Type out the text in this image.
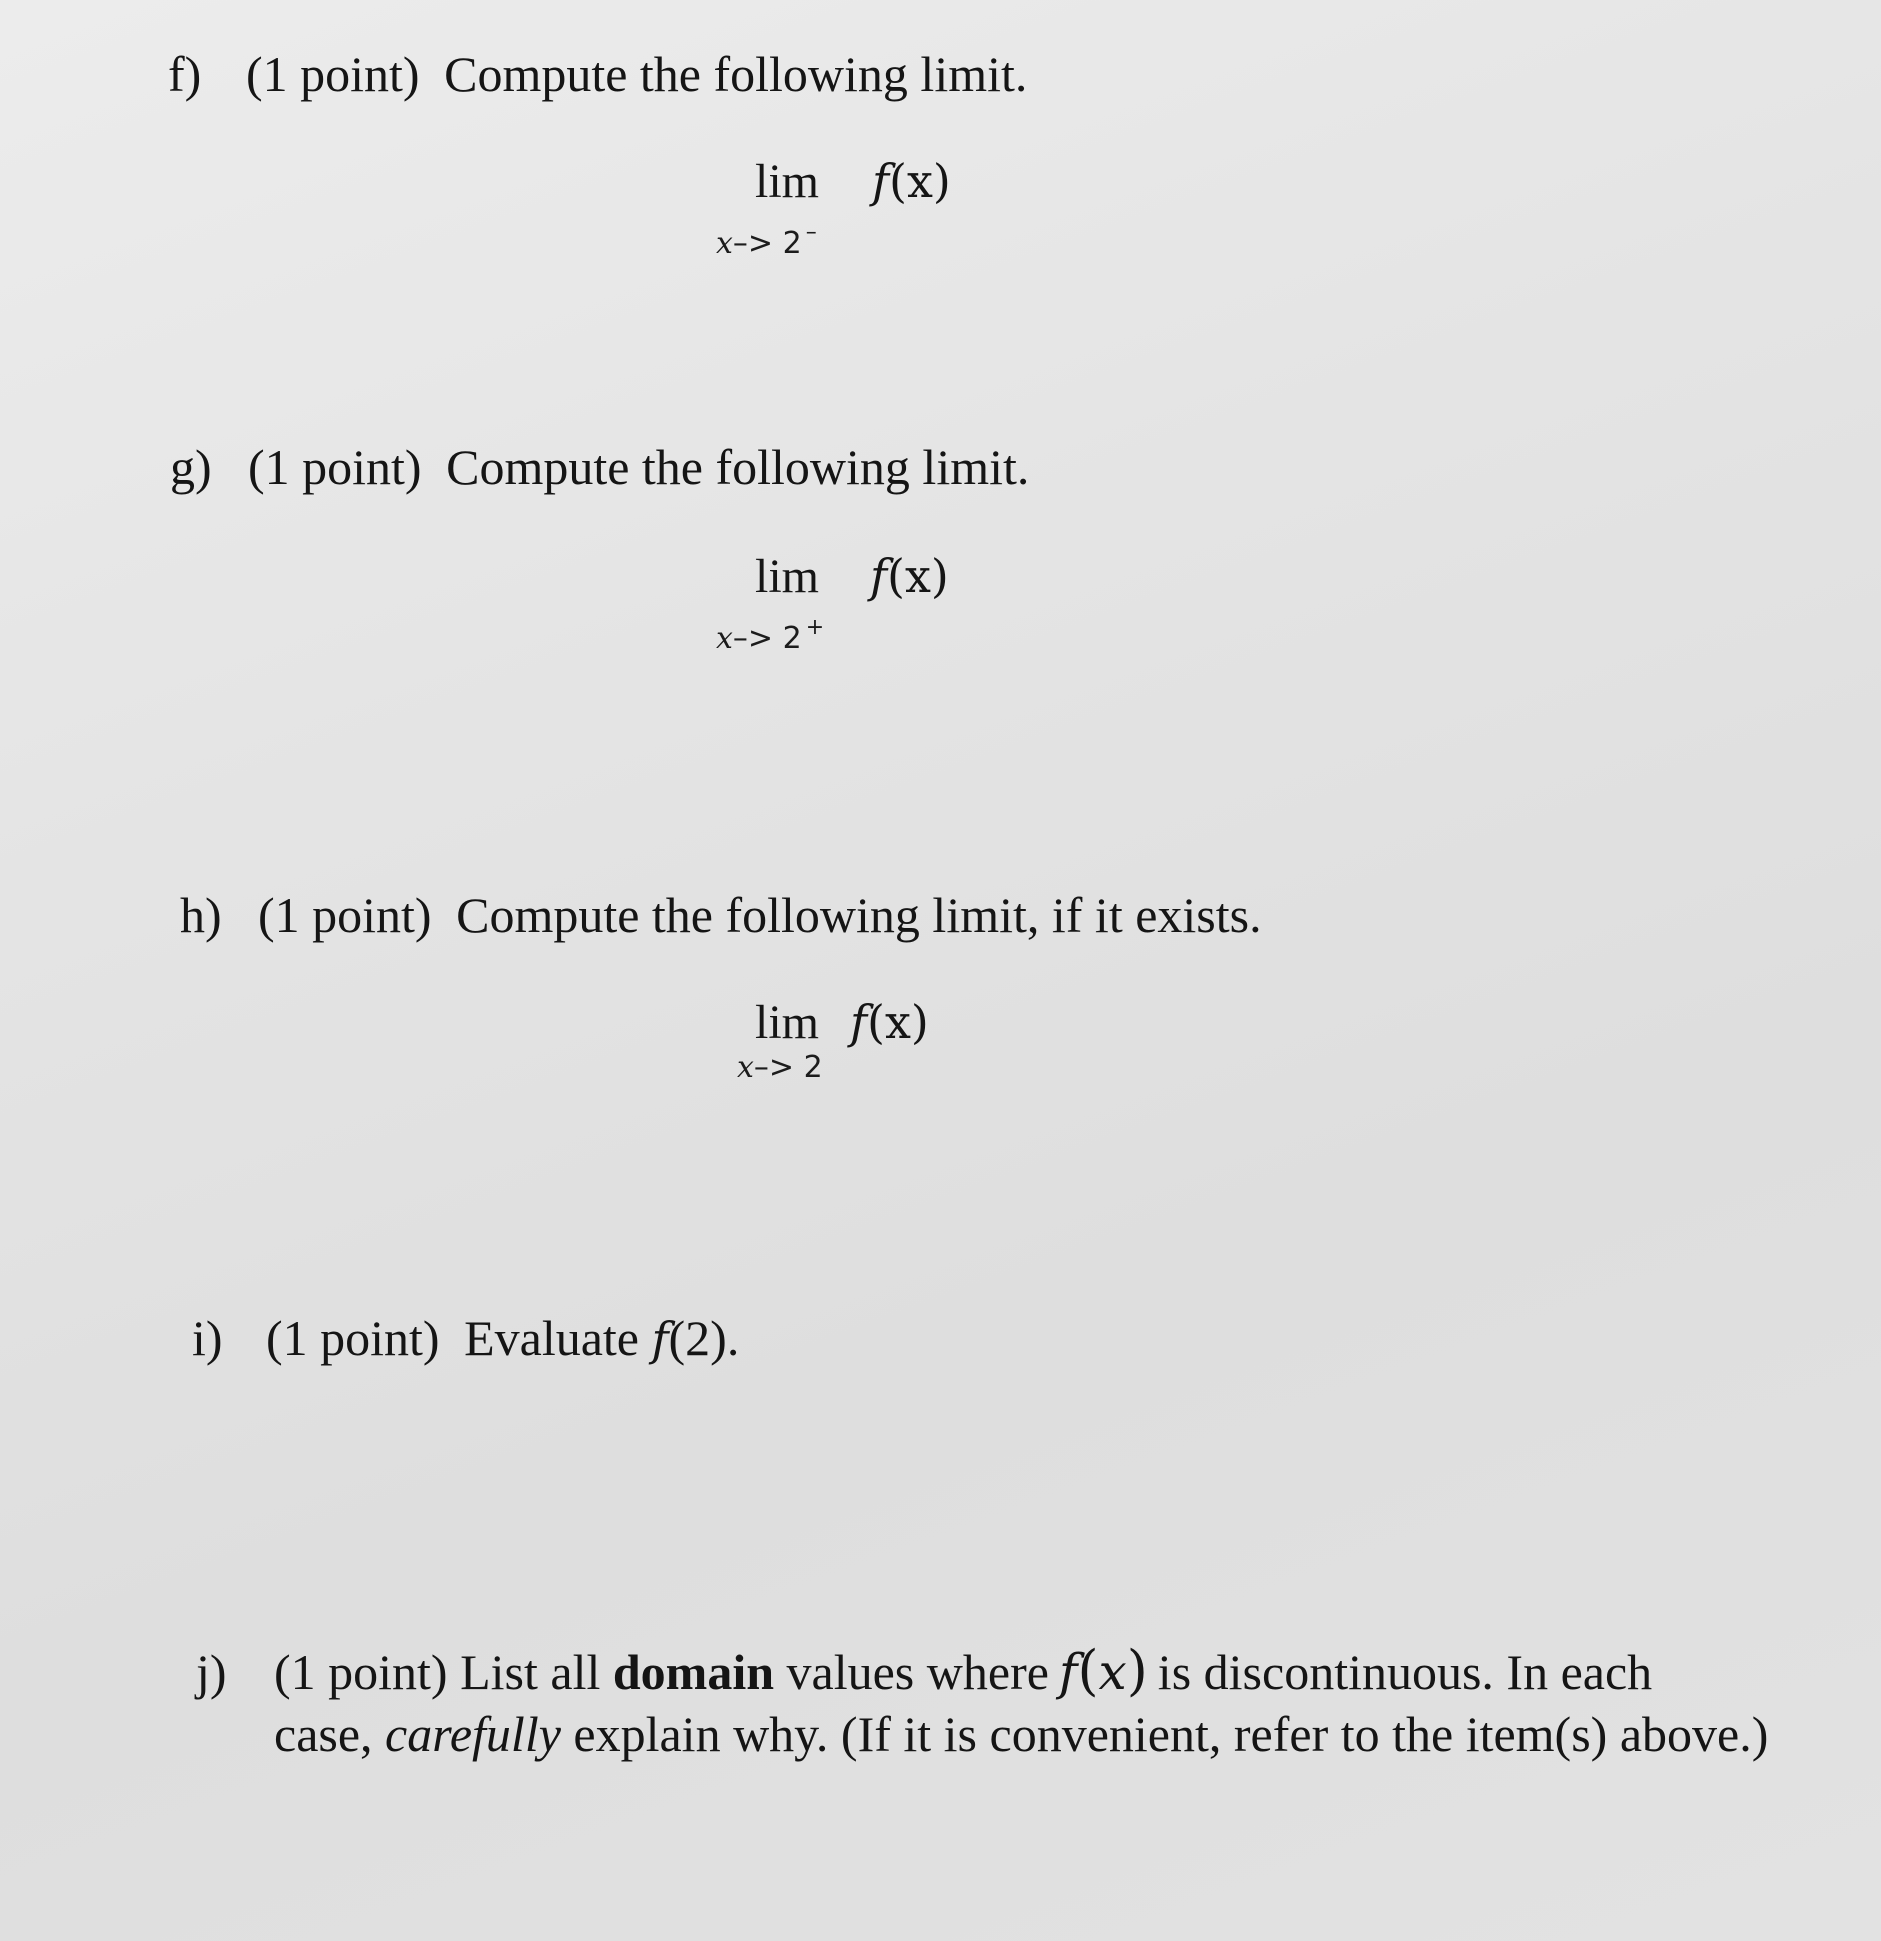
f) (1 point) Compute the following limit.
lim
x–> 2 –
f(x)
g) (1 point) Compute the following limit.
lim
x–> 2 +
f(x)
h) (1 point) Compute the following limit, if it exists.
lim
x–> 2
f(x)
i) (1 point) Evaluate f(2).
j) (1 point) List all domain values where f(x) is discontinuous. In each
case, carefully explain why. (If it is convenient, refer to the item(s) above.)
